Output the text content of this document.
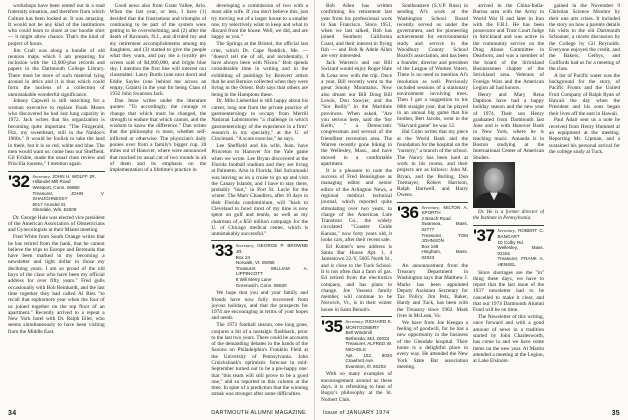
workshops have been rented out in a read fraternity situation, and therefore from which Culture has been looked at. It was amazing. It would not be any kind of the institutions who could learn to shore at our hoodie shirt — it might allow chance. That's the kind of project of hours.

Jim Crall was along a bundle of old reunion maps which I am preparing for inclusion with the 12,000-plus records and papers in the Dartmouth College Library. There must be more of such material lying around in attics and it is thus which could form the nucleus of a collection of unmistakable wonderful significance.

Johnny Capwell is still searching for a woman executive to replace Frank Moses who discovered he had lost lung capacity in 1972. Jack writes that his organization is becoming quite important. "The Fitzgerald, Fitz, my sweetheart, still in the Naidoo's 1960s." It would be foolish to take the land in there, but it is so red, white and blue. The men would want us: come hear our Sheffield. Gil Frisbie, made the usual class review and Priscilla loosens," I mention again.

'32 Secretary, JOHN H. WOLFF JR.
Hillandel Mill Road
Westport, Conn. 06880
Treasurer, JOHN V. SHAUGHNESSY
6017 Arundel St.
Glendale, Wis. 53209

Dr. George Haie was elected vice president of the American Association of Obstetricians and Gynecologists at their Miami meeting.

Fred White from South Orange writes that he has retired from the bank, that he cannot believe the trips to Europe and Bermuda that have been marked in my becoming a newsletter and light dollar in those my declining years. I am so proud of the old boys of the class who have been my official address for over fifty years." Fred gulls occasionally with Bob Reinhardt, and the last time together they had called Al Ries "to recall that sophomore year when the four of us joined together on the top floor of an apartment." Recently arrived to a repeat a New York hotel with Dr. Ralph Ellet, who seems simultaneously to have been visiting from the Middle East.

Good news also from Grant Vallee, Arlo. When the last year, or less, I have (1) decided that the frustrations and triumphs of continuing to be part of the system were getting to be overwhelming, and (2) after the death of Kavanah, N.J., and divided my and my retirement accomplishments among my daughters, and (3) started to give the people what they want, and pay me a royalty per screen sold of $4,000,000, and bright blue sky. I mention the first line will interest our classmates: Laury Burtis (one next door) and Eddie Sayles (one behind me across an empty, Grants) in the year for being Class of 1932 John Swanson Jack.

Dan Jesse writes under the literature quotes: "To accordingly, the courage to change that which must be changed, the strength to endure that which cannot, and the wisdom to know the difference." Dan writes that the philosophy is most, whether self-inflicted or otherwise. The physician's daily ponies over from a family's bigger cup. 20 miles out of Hanover, where were announced that reached its usual cut of two rounds in all of them and its emphasis on the implementation of a lifetime's practice in

developing a commission of two with a most able wife. If you don't believe this, just try moving out of a larger house to a smaller one, try selectively what to keep and what to discard from the house. Well, we did, and are happy as you."

The Springs at the Bristol, the official last crier, which Dr. Cape Neddick, Me. — "doesn't tell me of all, and incidentally, I have always been with Nixon." Bob spends considerable time in writing and in the exhibiting of paintings by Boisvert artists that he and Bernice collected when they were living in the Orient. Bob says that others are being in the Hamptons these.

Dr. Milo Lieberthal is still happy about his career, long one from the private practice of gastroenterology to occupy from Merrill National Laboratories "a challenge in which gastroenterology of the experience in a firm" research in my specialty," at the U. of Cincinnati. "A scare exercise," he says.

Lee Sheffield and his wife, Jean, have Princeton to Hanover for the Yale game when we wrote. Lee Bryan discovered at the Florida football stadium and they are living at Palmetto. Also in Florida, Hal Sulcamaski was leaving us on a cruise to go up and visit the Canary Islands, and I have to stay there, probably "hurt," in Port St. Lucie for the winter. The Marv Chandlers, after 10 days in their Florida condominium, will "back to Cleveland to bowl most of my time is now spent on golf and tennis, as well as my chairman of a $50 million campaign for the U. of Chicago medical center, which is unmistakably successful."

'33 Secretary, GEORGE P. BROWNE JR.
Box 24
Norwalk, Vt. 05055
Treasurer, WILLIAM A. LIPPINCOTT
8 Will Merry Lane
Greenwich, Conn. 06830

We hope that you and your family and friends have now fully recovered from joyous holidays, and that the prospects for 1974 are encouraging in terms of your hopes and needs.

The 1973 football season, one long gone, conjures a bit of a nostalgic flashback, prior to the last two years. There could be accounts of the demanding debates in the hands of the Saxons on Philadelphia's Franklin Field at the University of Pennsylvania. John Cruickshank's optimistic forecast in mid-September turned out to be a pre-happy one: that "this team will still prove to be a good one," and so reported in this column at the time. In spite of a prediction that the winning streak was stronger after some difficulties.

34	DARTMOUTH ALUMNI MAGAZINE

Bob Allen has written confirming his retirement last year from his professional work in San Francisco. Since 1951, when we last talked, Bob has joined Southern California Coast, and their interest in flying fish — and Bob & Adele Allen are very interested.

Jack Warren's and our Bill Swizard would enjoy Roger Hale & Lena now with the trip. Once a year, Bill recently went to the great Smoky Mountains. Now also dream our Bill Doug Bill Lewin, Don Sawyer, and the "Sor Reilly" in the Maritime provinces. When asked, "Are you serious here, said the 'Sor Keith,' " a Democratic congressman and several of the friendliest recreation area. The Warren recently gone hiking in the Wellesley, Mass., and have moved to a comfortable apartment.

It is a pleasure to note the success of Fred Bensinghoe as managing editor and senior editor of the Arlington News, a regional medical technical journal, which reported quite stimulating over two years, in charge of the American Lute Transistor Co., the widely circulated "Coaster Guide Kansas," now forty years old, it looks cars, after their recent sale.

Ed Kutner's new address is Santa Bar House Apt. 1, 4 Jamestown 22-Y, 5605 North St., and is close to the Tuck School. It is not often that a farm of gas. Ed retired from the electronics company, and has plans to change. Joe Vasseur family member, will continue to be Norwich, Vt., is in their winter house in Saint Benoit's.

'35 Secretary, RICHARD K. MONTGOMERY
Bell Windmill
Bethesda, Md. 20034
Treasurer, ALFRED W. NICHOLS
Apt. 102, 9020 Crawford Ave.
Evanston, Ill. 60203

With so many examples of encouragement around us these days, it is refreshing to hear of Bugsy's philosophy at the St. Norbert Club.

Southeastern (S.V.P. Russ) in sending Al's work at the Washington School Board recently served us under the government, and for pioneering achievement for environmental study and service in the Woodbury County School Board's association, and has been a founder, director and president of the League of Women Voters. There is no need to mention Al's resolution as well. Previously included sessions of a stationary environment involving trees. Then I got a suggestion to his 60th straight year, that he played in an annual big game that his brother, Bert Jacobs, went to the "Harvard game" he was 12.

Hal Cohn writes that my piece at the World Bank and the foundation for the hospital on the "nursery," a branch of the school. The Nancy has been hard at work in his rooms, and their projects are as follows: John M. Bryan, and the Burling, Don Toemayer, Robert Harrison, Ralph Hartwell, and Harry Owens.

'36 Secretary, MILTON A. SPORTH
2 Beach Road
Swansea, Mass. 02777
Treasurer, TOM JOHNSON
Box 168
Hingham, Mass. 02043

An announcement from the Treasury Department in Washington says that Matthew J. Marks has been appointed Deputy Assistant Secretary for Tax Policy. Jim Pelz, Baker, Hardy and Tuck, has been with the Treasury since 1962. Mark lives in McLean, Va.

We have from Joe Keegan a feeling of goodwill, for he has a new opportunity in the business of the Glendale hospital. Their home is a delightful place in every way. He attended the New York State Bar association meeting.

arrived in the China-India-Burma area with the Army in World War II and later in Iran with the F.B.I. He has been prosecutor and Trust Court Judge in Strickland and was active in the community service on the Drug Abuse Committee in Dearborn, and was a member of the board of the Strickland Businessmen chapter of the Strickland area. Veterans of Foreign Wars and the American Legion all had honors.

Henry and Mary Rena Daphron have had a happy holiday season and the new year of 1974. Their son Henry graduated from Dartmouth last June and is with Hanover Bank in New York, where he is teaching music. Amanda is in Boston studying at the International Center of American Studies.

Dr. He is a former director of the Institute in Pennsylvania.

'37 Secretary, ROBERT C. BANGART
10 Colby Rd.
Wellesley, Mass. 02181
Treasurer, FRANK A. HENSEL

Since shortages are the "in" thing these days, we have to report that the last issue of the 1937 newsletter had to be cancelled to make it clear, and that our 1974 Dartmouth Alumni Fund will be on time.

The Newsletter of this writing, once forward and with a good amount of news in a tradition started by John Charlesworth, has come in and we have some items on the new year. Al Martin attended a meeting at the Legion, at Lake Elsinore.

gained in the November 9 Christian Science Monitor by their one arts crises. It included the story on how a parents details his visits to the old Dartmouth Schooner, a recent discussion by the College by Gil Reynolds. Everyone enjoyed the credit, and the Bakers, Gelbys, and Guilfords had us for a meeting of the class.

A list of Pacific water was the background for the story, of Pacific Fronts and the United Fruit Company of Ralph Ryan of Hawaii the day when the President and his sons began their lives off the east in Hawaii.

Paul Adair sent us a note he received from Henry Hummel at an equipment at the meeting. Reporting Mr. Lipman, and a sustained his personal arrival for the college study at Tuck.

Issue of JANUARY 1974	35
